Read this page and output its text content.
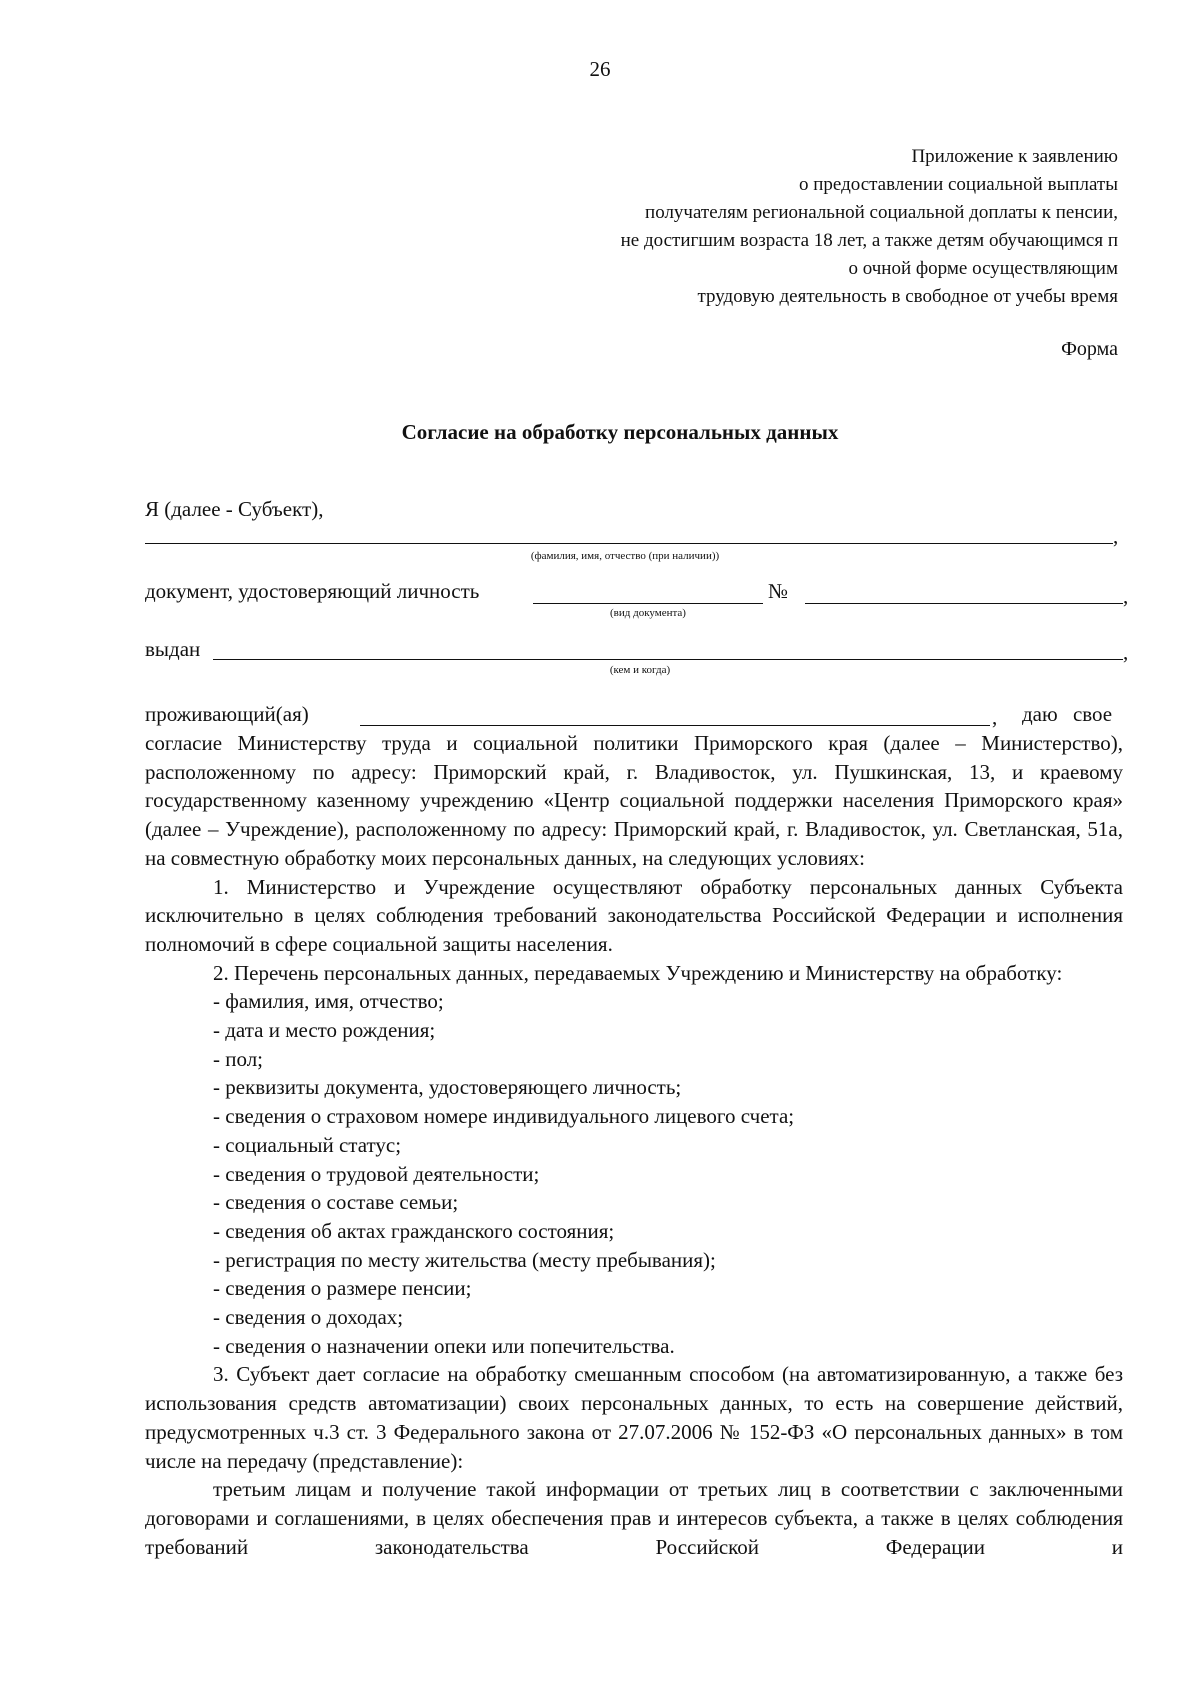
26
Приложение к заявлению
о предоставлении социальной выплаты
получателям региональной социальной доплаты к пенсии,
не достигшим возраста 18 лет, а также детям обучающимся п
о очной форме осуществляющим
трудовую деятельность в свободное от учебы время
Форма
Согласие на обработку персональных данных
Я (далее - Субъект),
,
(фамилия, имя, отчество (при наличии))
документ, удостоверяющий личность	№	,
(вид документа)
выдан	,
(кем и когда)
проживающий(ая)	, даю свое

согласие Министерству труда и социальной политики Приморского края (далее – Министерство), расположенному по адресу: Приморский край, г. Владивосток, ул. Пушкинская, 13, и краевому государственному казенному учреждению «Центр социальной поддержки населения Приморского края» (далее – Учреждение), расположенному по адресу: Приморский край, г. Владивосток, ул. Светланская, 51а, на совместную обработку моих персональных данных, на следующих условиях:

1. Министерство и Учреждение осуществляют обработку персональных данных Субъекта исключительно в целях соблюдения требований законодательства Российской Федерации и исполнения полномочий в сфере социальной защиты населения.

2. Перечень персональных данных, передаваемых Учреждению и Министерству на обработку:

- фамилия, имя, отчество;

- дата и место рождения;

- пол;

- реквизиты документа, удостоверяющего личность;

- сведения о страховом номере индивидуального лицевого счета;

- социальный статус;

- сведения о трудовой деятельности;

- сведения о составе семьи;

- сведения об актах гражданского состояния;

- регистрация по месту жительства (месту пребывания);

- сведения о размере пенсии;

- сведения о доходах;

- сведения о назначении опеки или попечительства.

3. Субъект дает согласие на обработку смешанным способом (на автоматизированную, а также без использования средств автоматизации) своих персональных данных, то есть на совершение действий, предусмотренных ч.3 ст. 3 Федерального закона от 27.07.2006 № 152-ФЗ «О персональных данных» в том числе на передачу (представление):

третьим лицам и получение такой информации от третьих лиц в соответствии с заключенными договорами и соглашениями, в целях обеспечения прав и интересов субъекта, а также в целях соблюдения требований законодательства Российской Федерации и
